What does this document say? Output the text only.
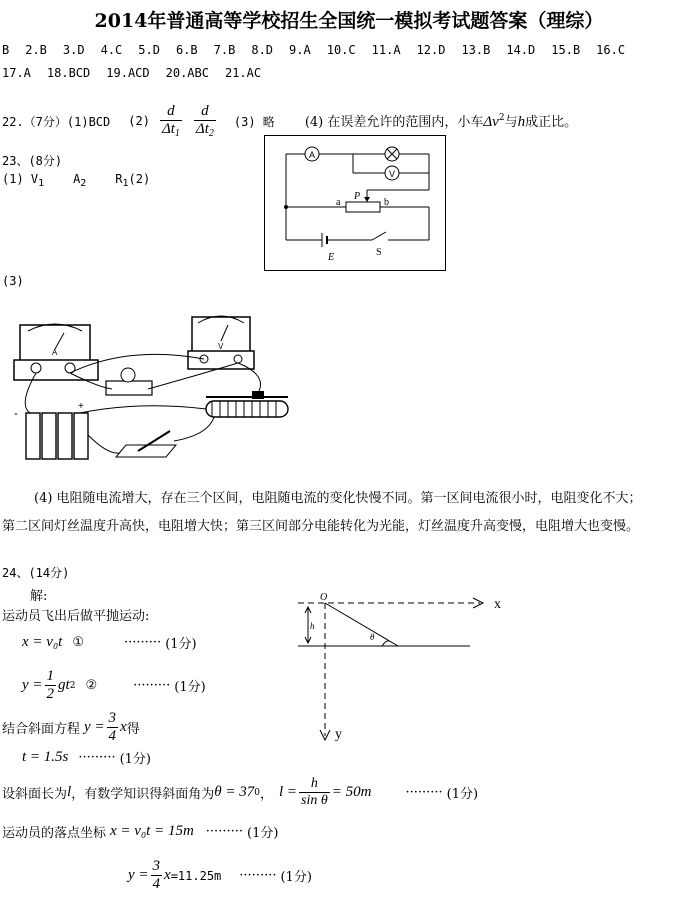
2014年普通高等学校招生全国统一模拟考试题答案（理综）
B 2.B 3.D 4.C 5.D 6.B 7.B 8.D 9.A 10.C 11.A 12.D 13.B 14.D 15.B 16.C
17.A 18.BCD 19.ACD 20.ABC 21.AC
22.（7分）(1)BCD $(2) \frac{d}{\Delta t_1} \frac{d}{\Delta t_2} (3)$ 略 (4) 在误差允许的范围内，小车$\Delta v^2$与h成正比。
23、(8分)
(1) $V_1$ $A_2$ $R_1(2)$
A
V
a	b
P
E	S
(3)
A
V
-	+
(4) 电阻随电流增大，存在三个区间，电阻随电流的变化快慢不同。第一区间电流很小时，电阻变化不大；
第二区间灯丝温度升高快，电阻增大快；第三区间部分电能转化为光能，灯丝温度升高变慢，电阻增大也变慢。
24、(14分)
解:
运动员飞出后做平抛运动:
x = v₀t ①	········· (1分)
$y = \frac{1}{2}$ gt 2 ②	········· (1分)
结合斜面方程 $y = \frac{3}{4}$ x 得
t = 1.5s ········· (1分)
设斜面长为 l ，有数学知识得斜面角为 θ = 37 0 ， $l = \frac{h}{\text{sin θ}} = 50m$	········· (1分)
运动员的落点坐标 x = v₀t = 15m ········· (1分)
$y = \frac{3}{4}$ x =11.25m ········· (1分)
x
y
O
θ
h
